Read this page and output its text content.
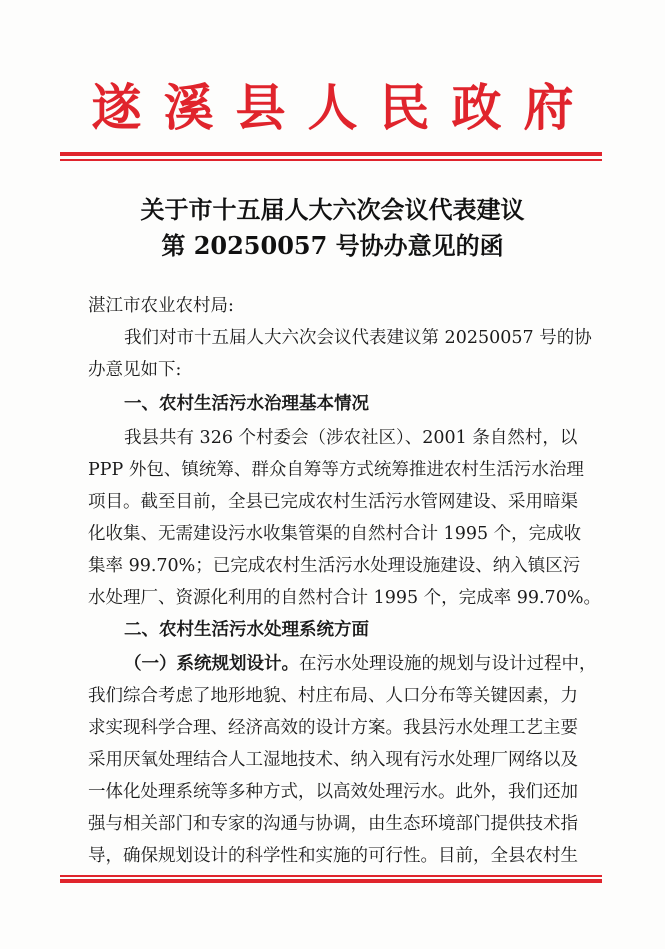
遂溪县人民政府
关于市十五届人大六次会议代表建议
第 20250057 号协办意见的函
湛江市农业农村局:
我们对市十五届人大六次会议代表建议第 20250057 号的协
办意见如下:
一、农村生活污水治理基本情况
我县共有 326 个村委会（涉农社区）、2001 条自然村，以
PPP 外包、镇统筹、群众自筹等方式统筹推进农村生活污水治理
项目。截至目前，全县已完成农村生活污水管网建设、采用暗渠
化收集、无需建设污水收集管渠的自然村合计 1995 个，完成收
集率 99.70%；已完成农村生活污水处理设施建设、纳入镇区污
水处理厂、资源化利用的自然村合计 1995 个，完成率 99.70%。
二、农村生活污水处理系统方面
（一）系统规划设计。在污水处理设施的规划与设计过程中，
我们综合考虑了地形地貌、村庄布局、人口分布等关键因素，力
求实现科学合理、经济高效的设计方案。我县污水处理工艺主要
采用厌氧处理结合人工湿地技术、纳入现有污水处理厂网络以及
一体化处理系统等多种方式，以高效处理污水。此外，我们还加
强与相关部门和专家的沟通与协调，由生态环境部门提供技术指
导，确保规划设计的科学性和实施的可行性。目前，全县农村生
